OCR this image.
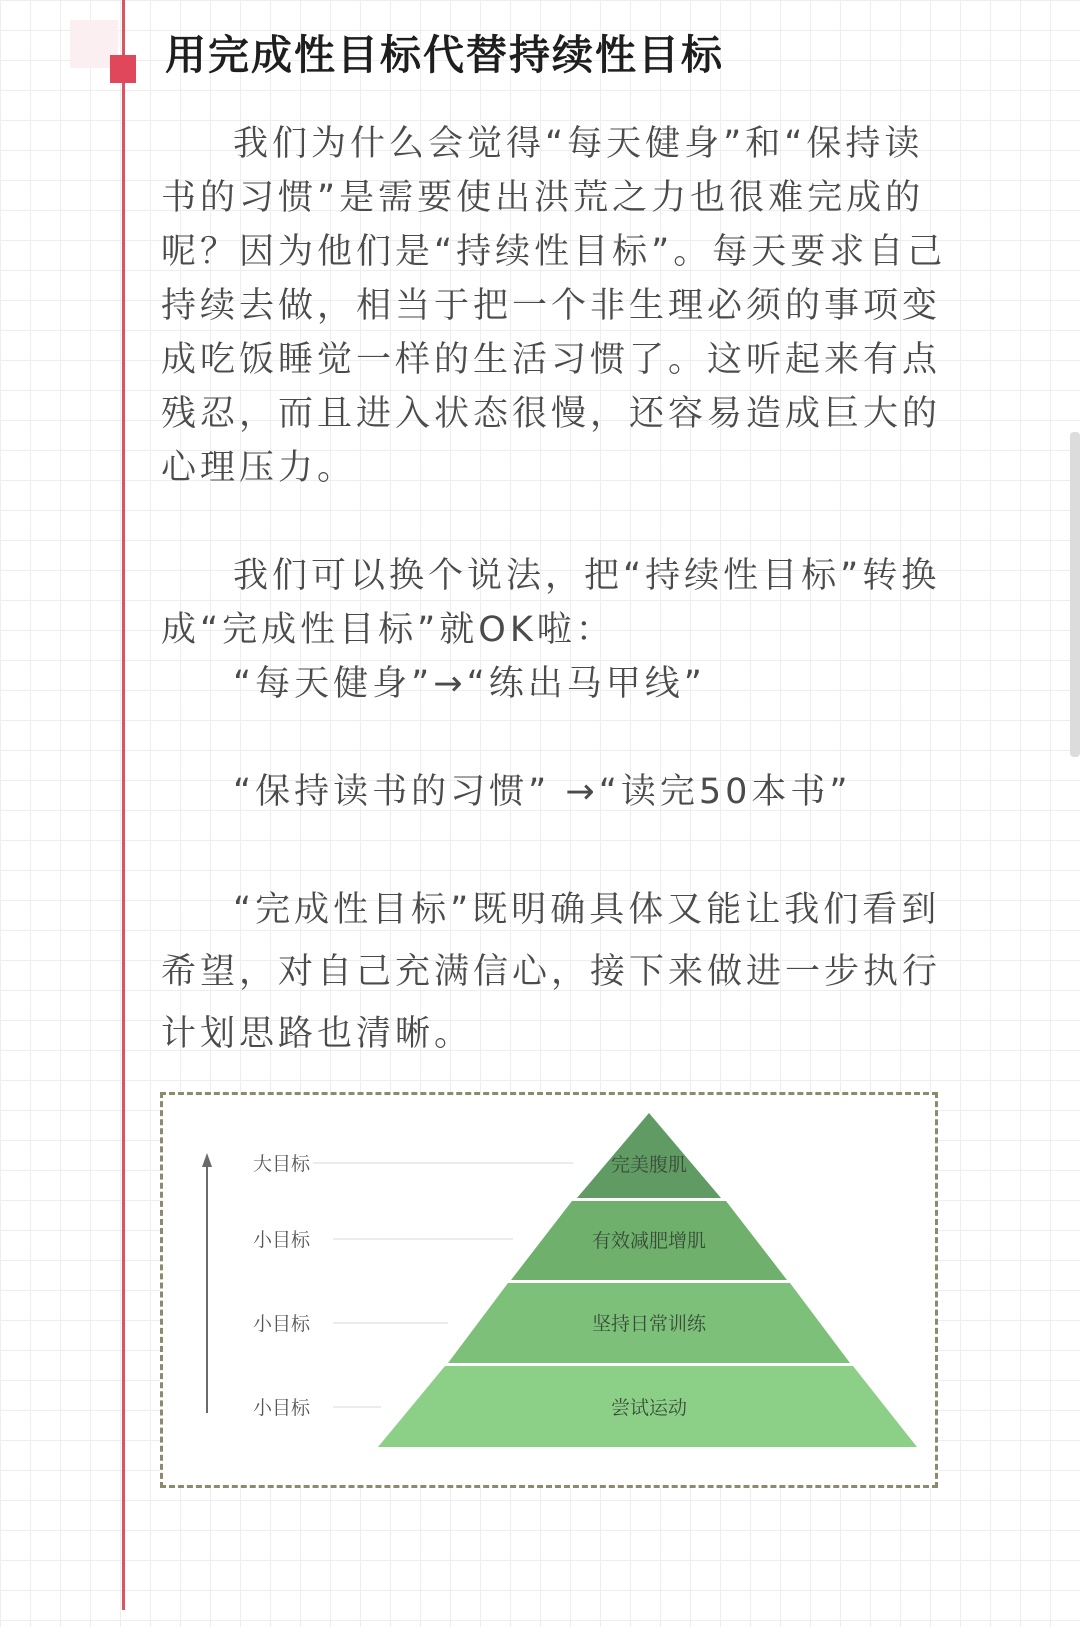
用完成性目标代替持续性目标

我们为什么会觉得“每天健身”和“保持读书的习惯”是需要使出洪荒之力也很难完成的呢？因为他们是“持续性目标”。每天要求自己持续去做，相当于把一个非生理必须的事项变成吃饭睡觉一样的生活习惯了。这听起来有点残忍，而且进入状态很慢，还容易造成巨大的心理压力。

我们可以换个说法，把“持续性目标”转换成“完成性目标”就OK啦：

“每天健身”→“练出马甲线”

“保持读书的习惯” →“读完50本书”

“完成性目标”既明确具体又能让我们看到希望，对自己充满信心，接下来做进一步执行计划思路也清晰。

大目标
小目标
小目标
小目标
完美腹肌
有效减肥增肌
坚持日常训练
尝试运动
